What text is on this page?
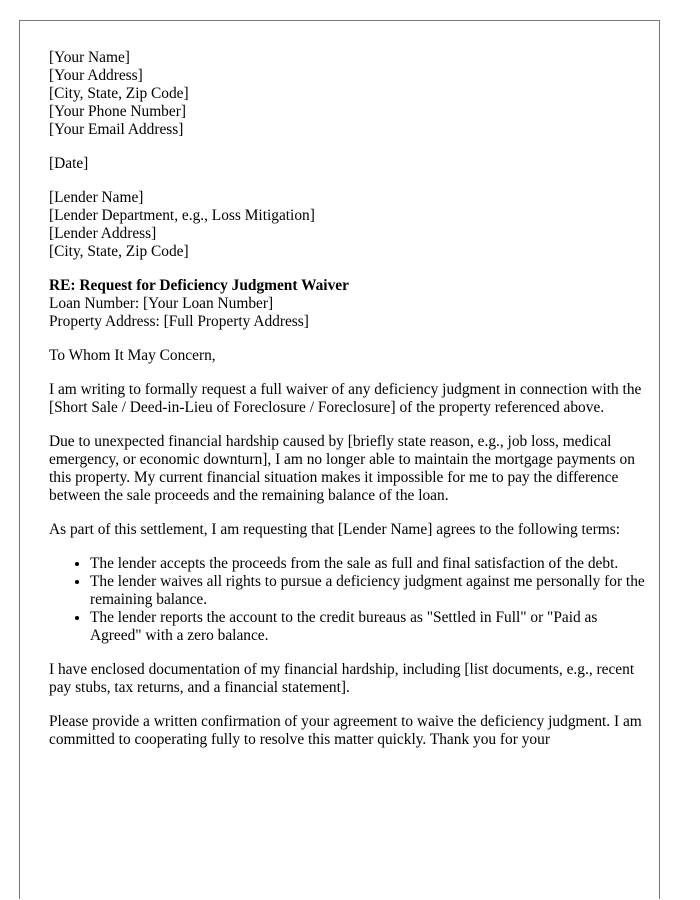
[Your Name]
[Your Address]
[City, State, Zip Code]
[Your Phone Number]
[Your Email Address]
[Date]
[Lender Name]
[Lender Department, e.g., Loss Mitigation]
[Lender Address]
[City, State, Zip Code]
RE: Request for Deficiency Judgment Waiver
Loan Number: [Your Loan Number]
Property Address: [Full Property Address]

To Whom It May Concern,

I am writing to formally request a full waiver of any deficiency judgment in connection with the [Short Sale / Deed-in-Lieu of Foreclosure / Foreclosure] of the property referenced above.

Due to unexpected financial hardship caused by [briefly state reason, e.g., job loss, medical emergency, or economic downturn], I am no longer able to maintain the mortgage payments on this property. My current financial situation makes it impossible for me to pay the difference between the sale proceeds and the remaining balance of the loan.

As part of this settlement, I am requesting that [Lender Name] agrees to the following terms:

• The lender accepts the proceeds from the sale as full and final satisfaction of the debt.
• The lender waives all rights to pursue a deficiency judgment against me personally for the remaining balance.
• The lender reports the account to the credit bureaus as "Settled in Full" or "Paid as Agreed" with a zero balance.

I have enclosed documentation of my financial hardship, including [list documents, e.g., recent pay stubs, tax returns, and a financial statement].

Please provide a written confirmation of your agreement to waive the deficiency judgment. I am committed to cooperating fully to resolve this matter quickly. Thank you for your
